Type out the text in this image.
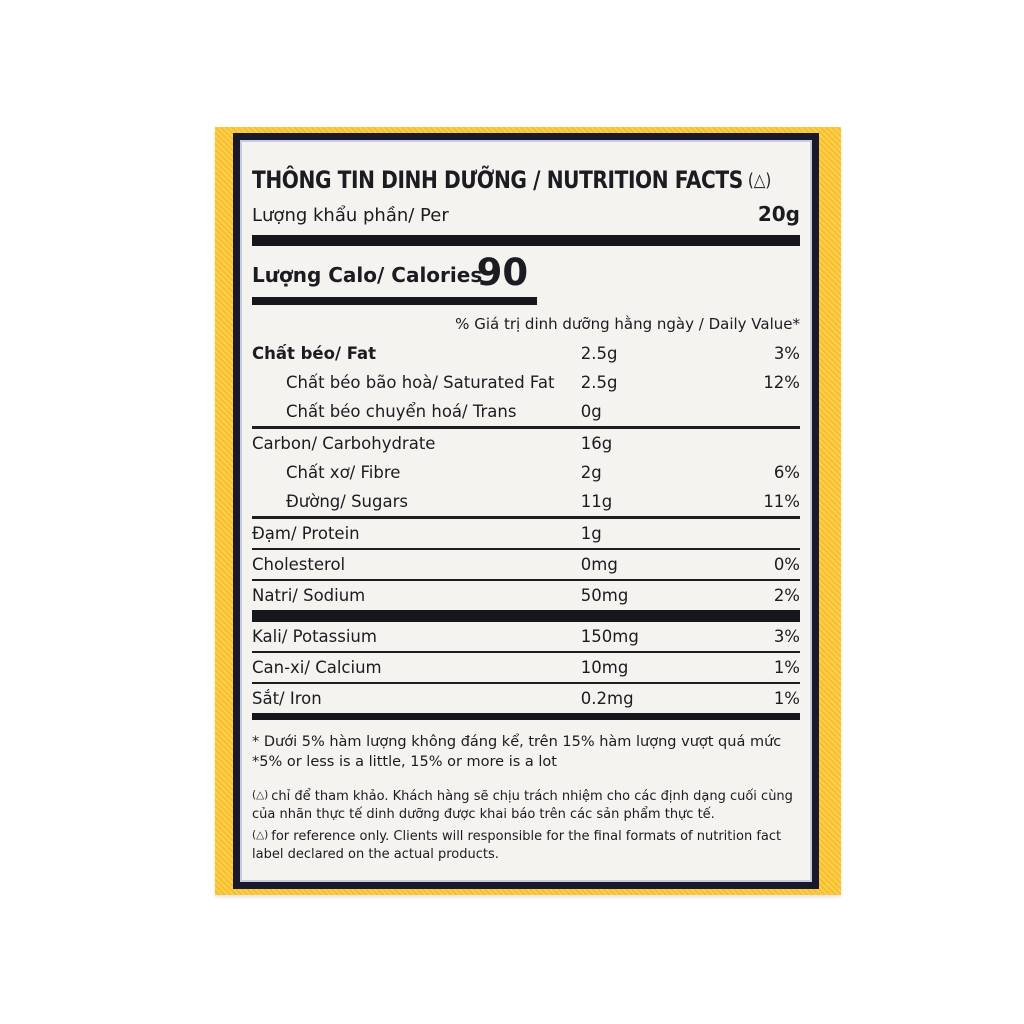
THÔNG TIN DINH DƯỠNG / NUTRITION FACTS (△)
Lượng khẩu phần/ Per	20g
Lượng Calo/ Calories
90
% Giá trị dinh dưỡng hằng ngày / Daily Value*
Chất béo/ Fat	2.5g	3%
Chất béo bão hoà/ Saturated Fat 2.5g	12%
Chất béo chuyển hoá/ Trans	0g
Carbon/ Carbohydrate	16g
Chất xơ/ Fibre	2g	6%
Đường/ Sugars	11g	11%
Đạm/ Protein	1g
Cholesterol	0mg	0%
Natri/ Sodium	50mg	2%
Kali/ Potassium	150mg	3%
Can-xi/ Calcium	10mg	1%
Sắt/ Iron	0.2mg	1%
* Dưới 5% hàm lượng không đáng kể, trên 15% hàm lượng vượt quá mức
*5% or less is a little, 15% or more is a lot

(△) chỉ để tham khảo. Khách hàng sẽ chịu trách nhiệm cho các định dạng cuối cùng của nhãn thực tế dinh dưỡng được khai báo trên các sản phẩm thực tế.

(△) for reference only. Clients will responsible for the final formats of nutrition fact label declared on the actual products.
